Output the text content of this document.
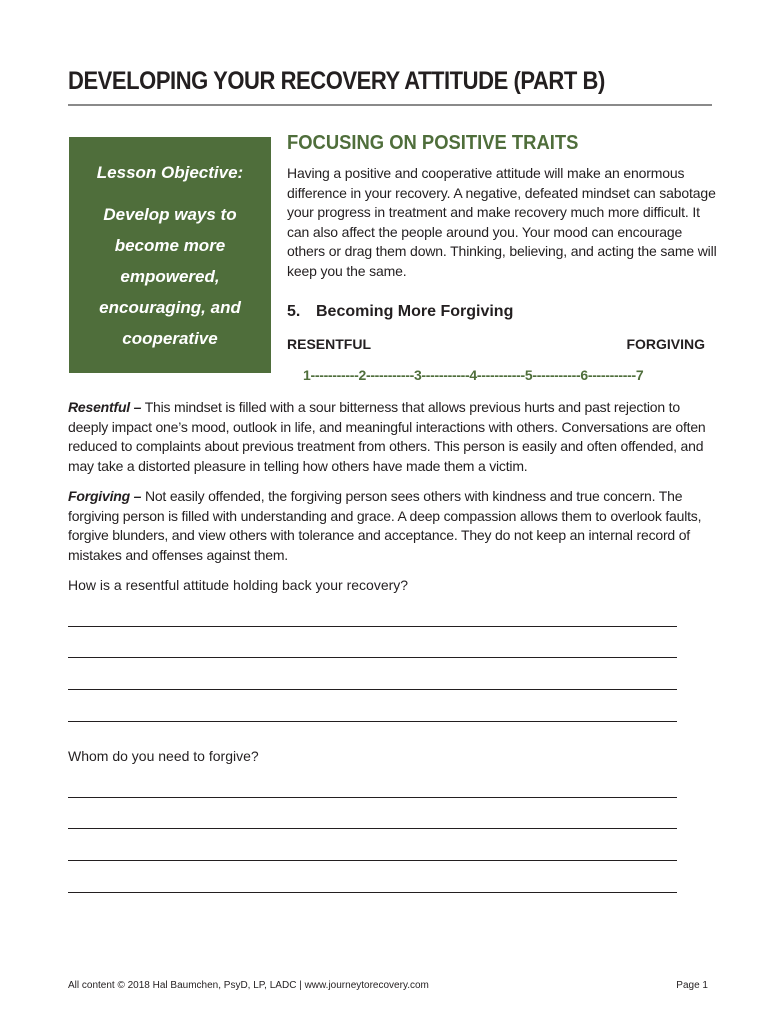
DEVELOPING YOUR RECOVERY ATTITUDE (PART B)
Lesson Objective:
Develop ways to become more empowered, encouraging, and cooperative
FOCUSING ON POSITIVE TRAITS

Having a positive and cooperative attitude will make an enormous difference in your recovery. A negative, defeated mindset can sabotage your progress in treatment and make recovery much more difficult. It can also affect the people around you. Your mood can encourage others or drag them down. Thinking, believing, and acting the same will keep you the same.

5. Becoming More Forgiving

RESENTFUL	FORGIVING

1-----------2-----------3-----------4-----------5-----------6-----------7

Resentful – This mindset is filled with a sour bitterness that allows previous hurts and past rejection to deeply impact one’s mood, outlook in life, and meaningful interactions with others. Conversations are often reduced to complaints about previous treatment from others. This person is easily and often offended, and may take a distorted pleasure in telling how others have made them a victim.

Forgiving – Not easily offended, the forgiving person sees others with kindness and true concern. The forgiving person is filled with understanding and grace. A deep compassion allows them to overlook faults, forgive blunders, and view others with tolerance and acceptance. They do not keep an internal record of mistakes and offenses against them.

How is a resentful attitude holding back your recovery?

Whom do you need to forgive?

All content © 2018 Hal Baumchen, PsyD, LP, LADC | www.journeytorecovery.com	Page 1
